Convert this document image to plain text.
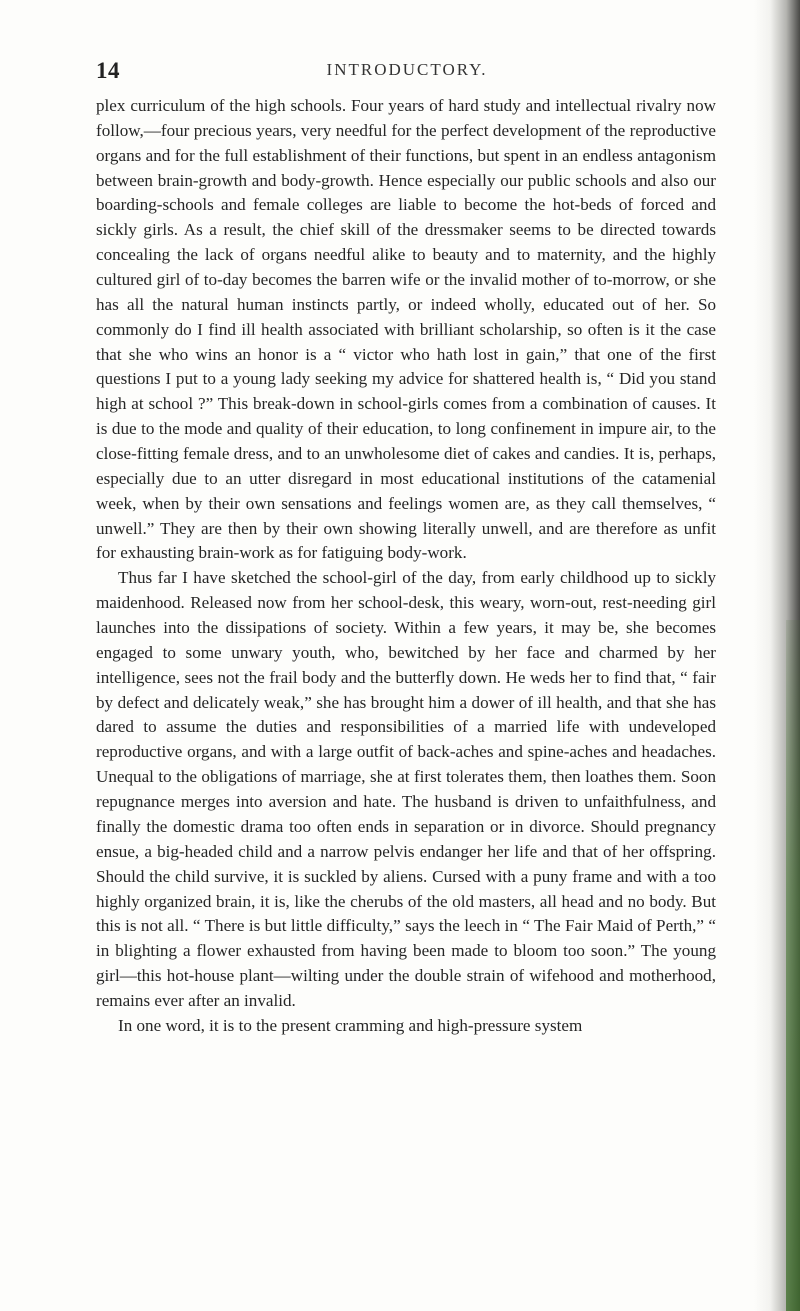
14	INTRODUCTORY.

plex curriculum of the high schools. Four years of hard study and intellectual rivalry now follow,—four precious years, very needful for the perfect development of the reproductive organs and for the full establishment of their functions, but spent in an endless antagonism between brain-growth and body-growth. Hence especially our public schools and also our boarding-schools and female colleges are liable to become the hot-beds of forced and sickly girls. As a result, the chief skill of the dressmaker seems to be directed towards concealing the lack of organs needful alike to beauty and to maternity, and the highly cultured girl of to-day becomes the barren wife or the invalid mother of to-morrow, or she has all the natural human instincts partly, or indeed wholly, educated out of her. So commonly do I find ill health associated with brilliant scholarship, so often is it the case that she who wins an honor is a “ victor who hath lost in gain,” that one of the first questions I put to a young lady seeking my advice for shattered health is, “ Did you stand high at school ?” This break-down in school-girls comes from a combination of causes. It is due to the mode and quality of their education, to long confinement in impure air, to the close-fitting female dress, and to an unwholesome diet of cakes and candies. It is, perhaps, especially due to an utter disregard in most educational institutions of the catamenial week, when by their own sensations and feelings women are, as they call themselves, “ unwell.” They are then by their own showing literally unwell, and are therefore as unfit for exhausting brain-work as for fatiguing body-work.

Thus far I have sketched the school-girl of the day, from early childhood up to sickly maidenhood. Released now from her school-desk, this weary, worn-out, rest-needing girl launches into the dissipations of society. Within a few years, it may be, she becomes engaged to some unwary youth, who, bewitched by her face and charmed by her intelligence, sees not the frail body and the butterfly down. He weds her to find that, “ fair by defect and delicately weak,” she has brought him a dower of ill health, and that she has dared to assume the duties and responsibilities of a married life with undeveloped reproductive organs, and with a large outfit of back-aches and spine-aches and headaches. Unequal to the obligations of marriage, she at first tolerates them, then loathes them. Soon repugnance merges into aversion and hate. The husband is driven to unfaithfulness, and finally the domestic drama too often ends in separation or in divorce. Should pregnancy ensue, a big-headed child and a narrow pelvis endanger her life and that of her offspring. Should the child survive, it is suckled by aliens. Cursed with a puny frame and with a too highly organized brain, it is, like the cherubs of the old masters, all head and no body. But this is not all. “ There is but little difficulty,” says the leech in “ The Fair Maid of Perth,” “ in blighting a flower exhausted from having been made to bloom too soon.” The young girl—this hot-house plant—wilting under the double strain of wifehood and motherhood, remains ever after an invalid.

In one word, it is to the present cramming and high-pressure system
